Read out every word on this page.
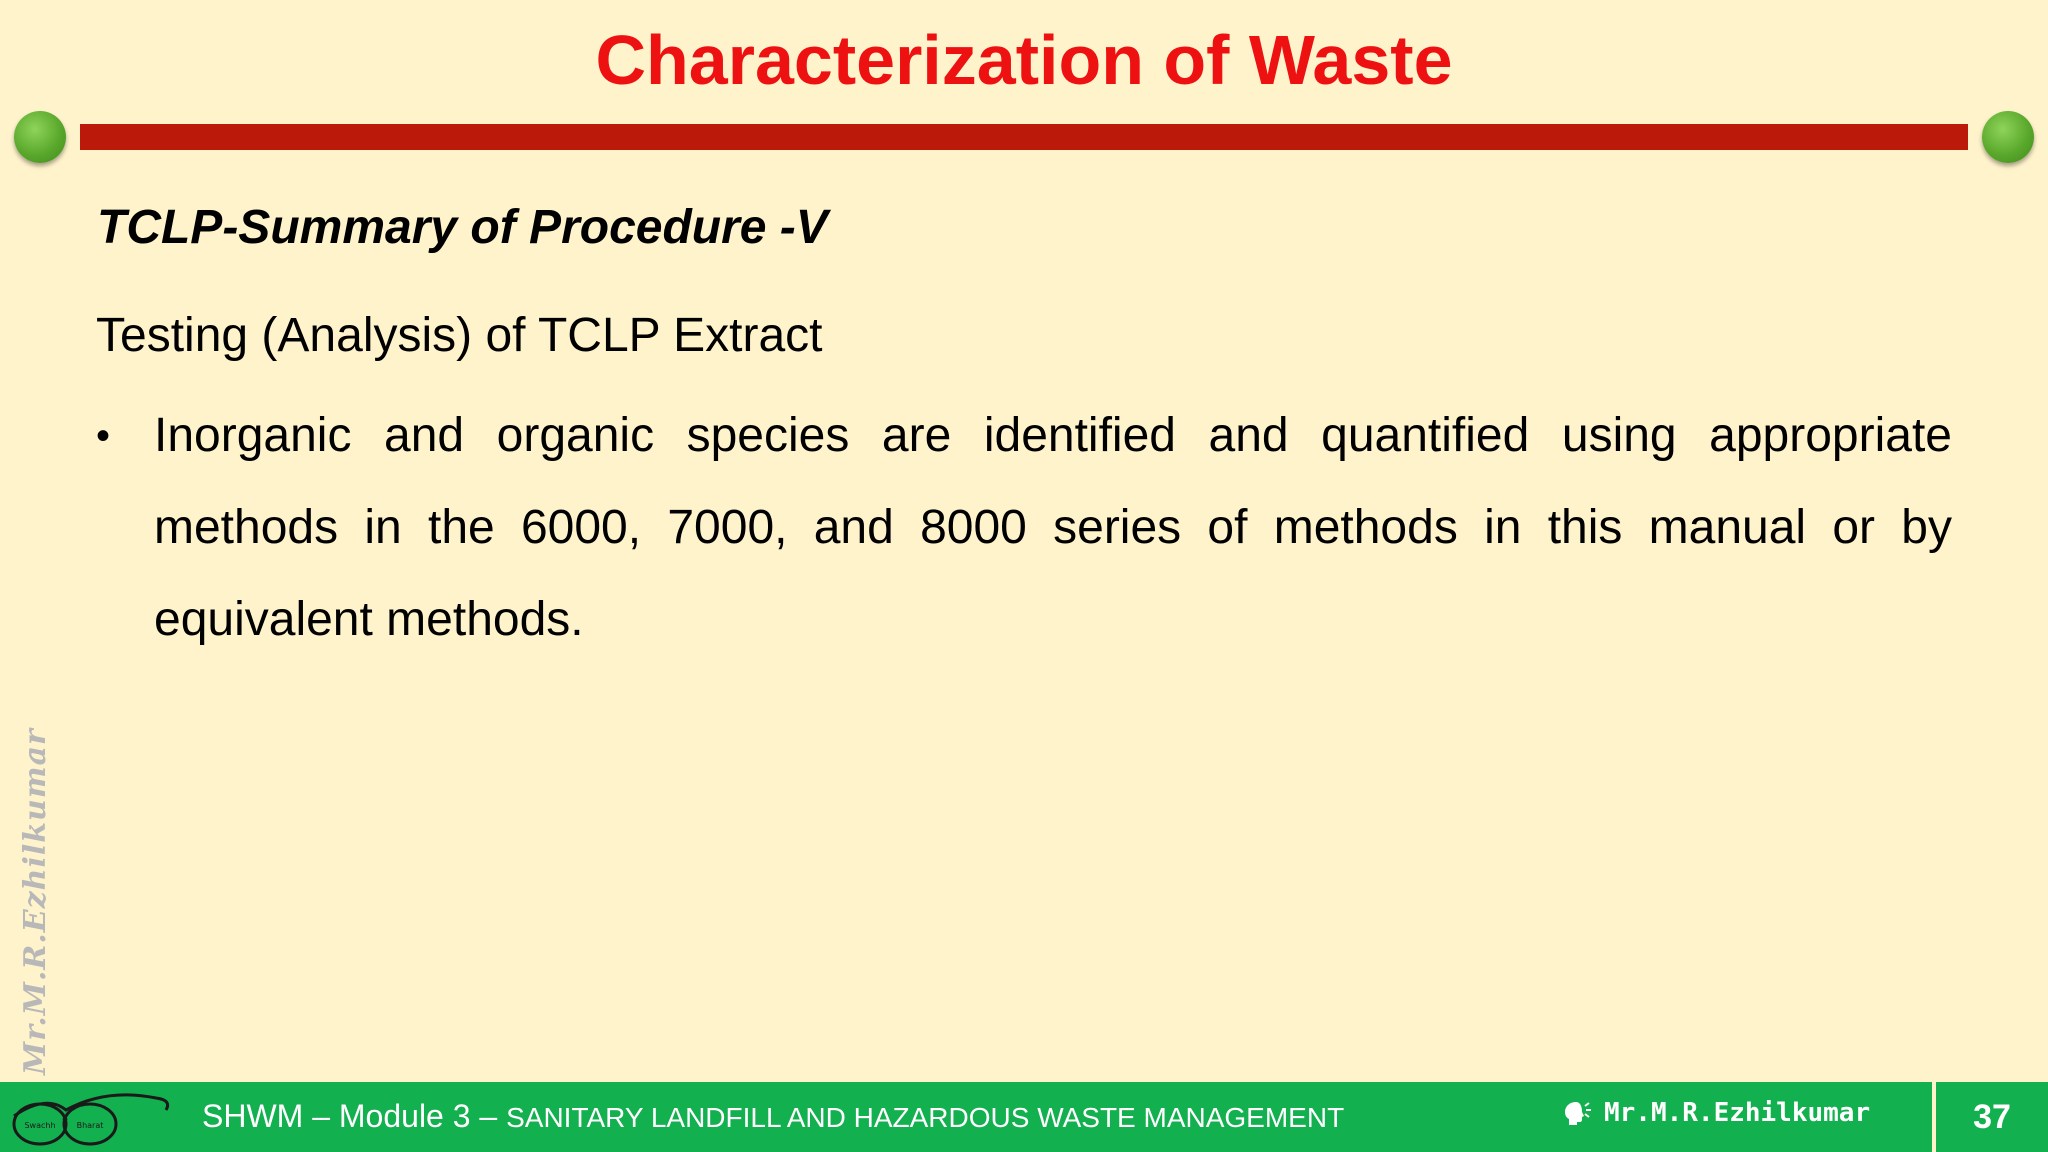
Characterization of Waste
TCLP-Summary of Procedure -V
Testing (Analysis) of TCLP Extract
• Inorganic and organic species are identified and quantified using appropriate methods in the 6000, 7000, and 8000 series of methods in this manual or by equivalent methods.
Mr.M.R.Ezhilkumar
Swachh	Bharat	SHWM – Module 3 – SANITARY LANDFILL AND HAZARDOUS WASTE MANAGEMENT	Mr.M.R.Ezhilkumar	37
